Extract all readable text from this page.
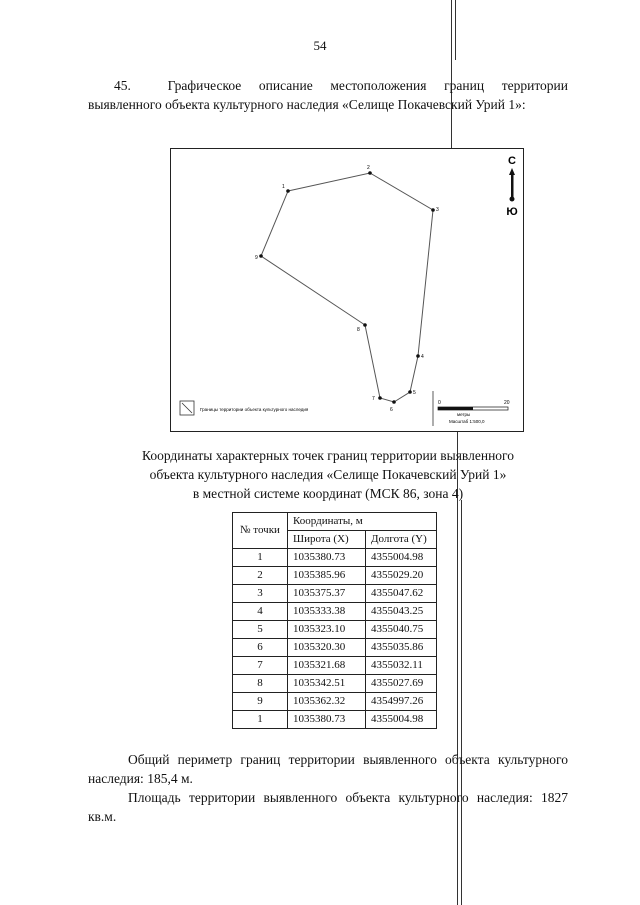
54
45.	Графическое описание местоположения границ территории выявленного объекта культурного наследия «Селище Покачевский Урий 1»:
1
2
3
4
5
6
7
8
9
С
Ю
Границы территории объекта культурного наследия
0	20
метры
Масштаб 1:500,0
Координаты характерных точек границ территории выявленного
объекта культурного наследия «Селище Покачевский Урий 1»
в местной системе координат (МСК 86, зона 4)
№ точки	Координаты, м	
	Широта (X)	Долгота (Y)
1	1035380.73	4355004.98
2	1035385.96	4355029.20
3	1035375.37	4355047.62
4	1035333.38	4355043.25
5	1035323.10	4355040.75
6	1035320.30	4355035.86
7	1035321.68	4355032.11
8	1035342.51	4355027.69
9	1035362.32	4354997.26
1	1035380.73	4355004.98
Общий периметр границ территории выявленного объекта культурного наследия: 185,4 м.
Площадь территории выявленного объекта культурного наследия: 1827 кв.м.
